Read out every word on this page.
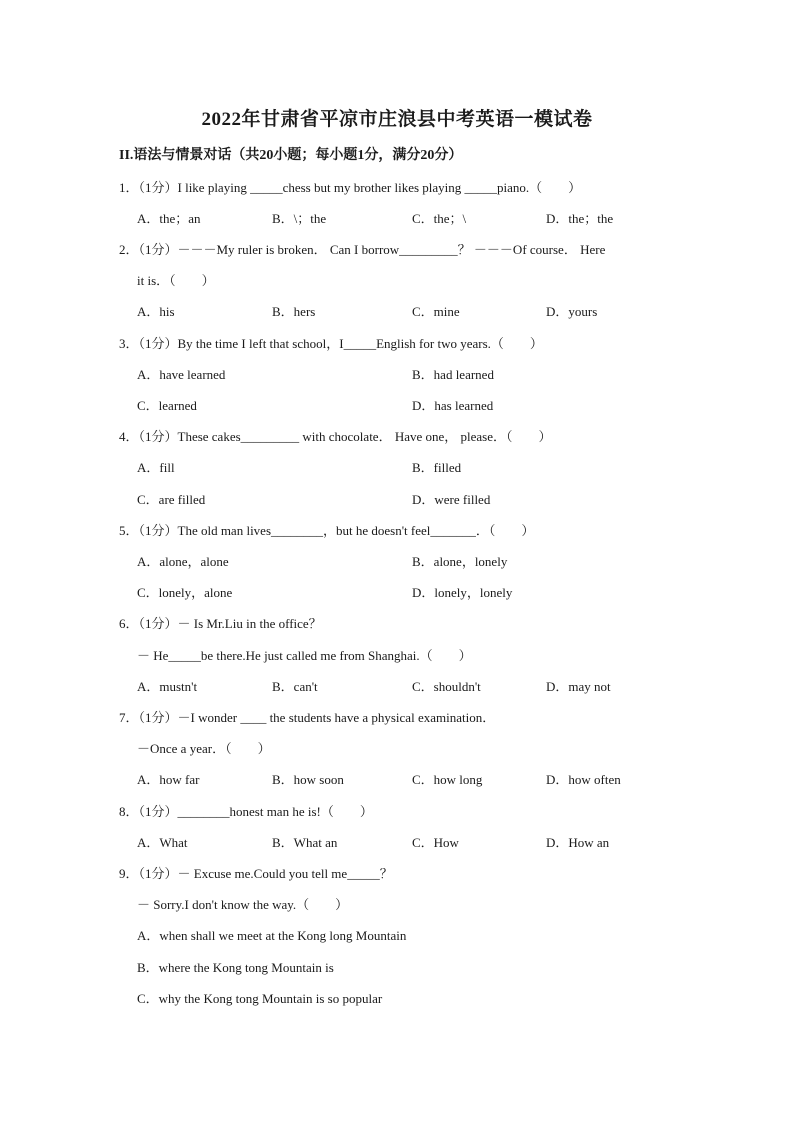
2022年甘肃省平凉市庄浪县中考英语一模试卷
II.语法与情景对话（共20小题；每小题1分，满分20分）
1．（1分）I like playing _____chess but my brother likes playing _____piano.（　　）
A．the；an	B．\；the	C．the；\	D．the；the
2．（1分）－－－My ruler is broken． Can I borrow_________？ －－－Of course． Here
it is．（　　）
A．his	B．hers	C．mine	D．yours
3．（1分）By the time I left that school，I_____English for two years.（　　）
A．have learned	B．had learned
C．learned	D．has learned
4．（1分）These cakes_________ with chocolate． Have one， please．（　　）
A．fill	B．filled
C．are filled	D．were filled
5．（1分）The old man lives________，but he doesn't feel_______．（　　）
A．alone，alone	B．alone，lonely
C．lonely，alone	D．lonely，lonely
6．（1分）－ Is Mr.Liu in the office？
－ He_____be there.He just called me from Shanghai.（　　）
A．mustn't	B．can't	C．shouldn't	D．may not
7．（1分）－I wonder ____ the students have a physical examination．
－Once a year．（　　）
A．how far	B．how soon	C．how long	D．how often
8．（1分）________honest man he is!（　　）
A．What	B．What an	C．How	D．How an
9．（1分）－ Excuse me.Could you tell me_____？
－ Sorry.I don't know the way.（　　）
A．when shall we meet at the Kong long Mountain
B．where the Kong tong Mountain is
C．why the Kong tong Mountain is so popular
